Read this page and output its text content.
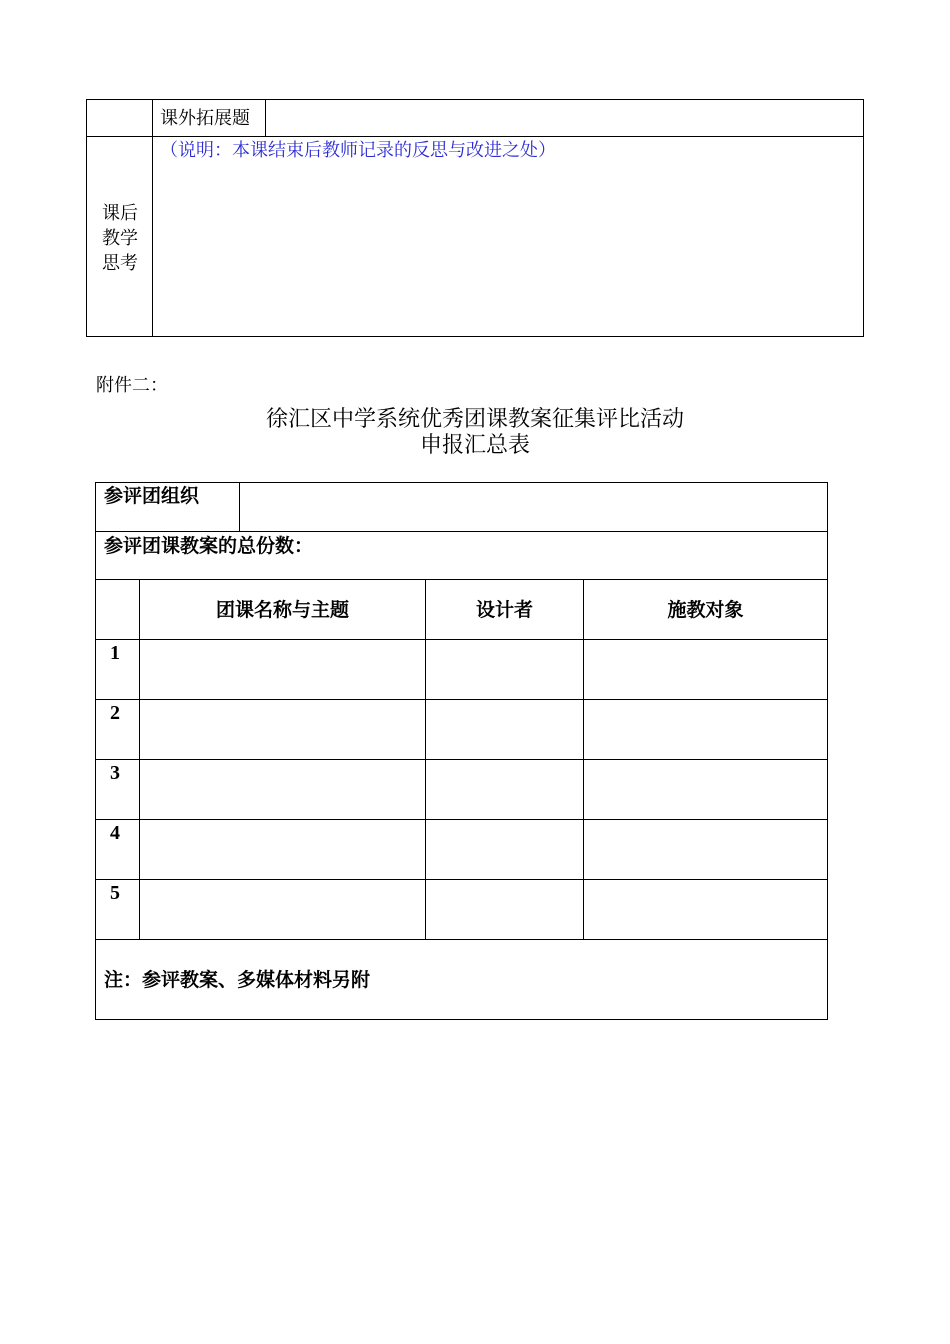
课外拓展题
（说明：本课结束后教师记录的反思与改进之处）
课后
教学
思考
附件二：
徐汇区中学系统优秀团课教案征集评比活动
申报汇总表
参评团组织
参评团课教案的总份数：
团课名称与主题	设计者	施教对象
1
2
3
4
5
注：参评教案、多媒体材料另附
